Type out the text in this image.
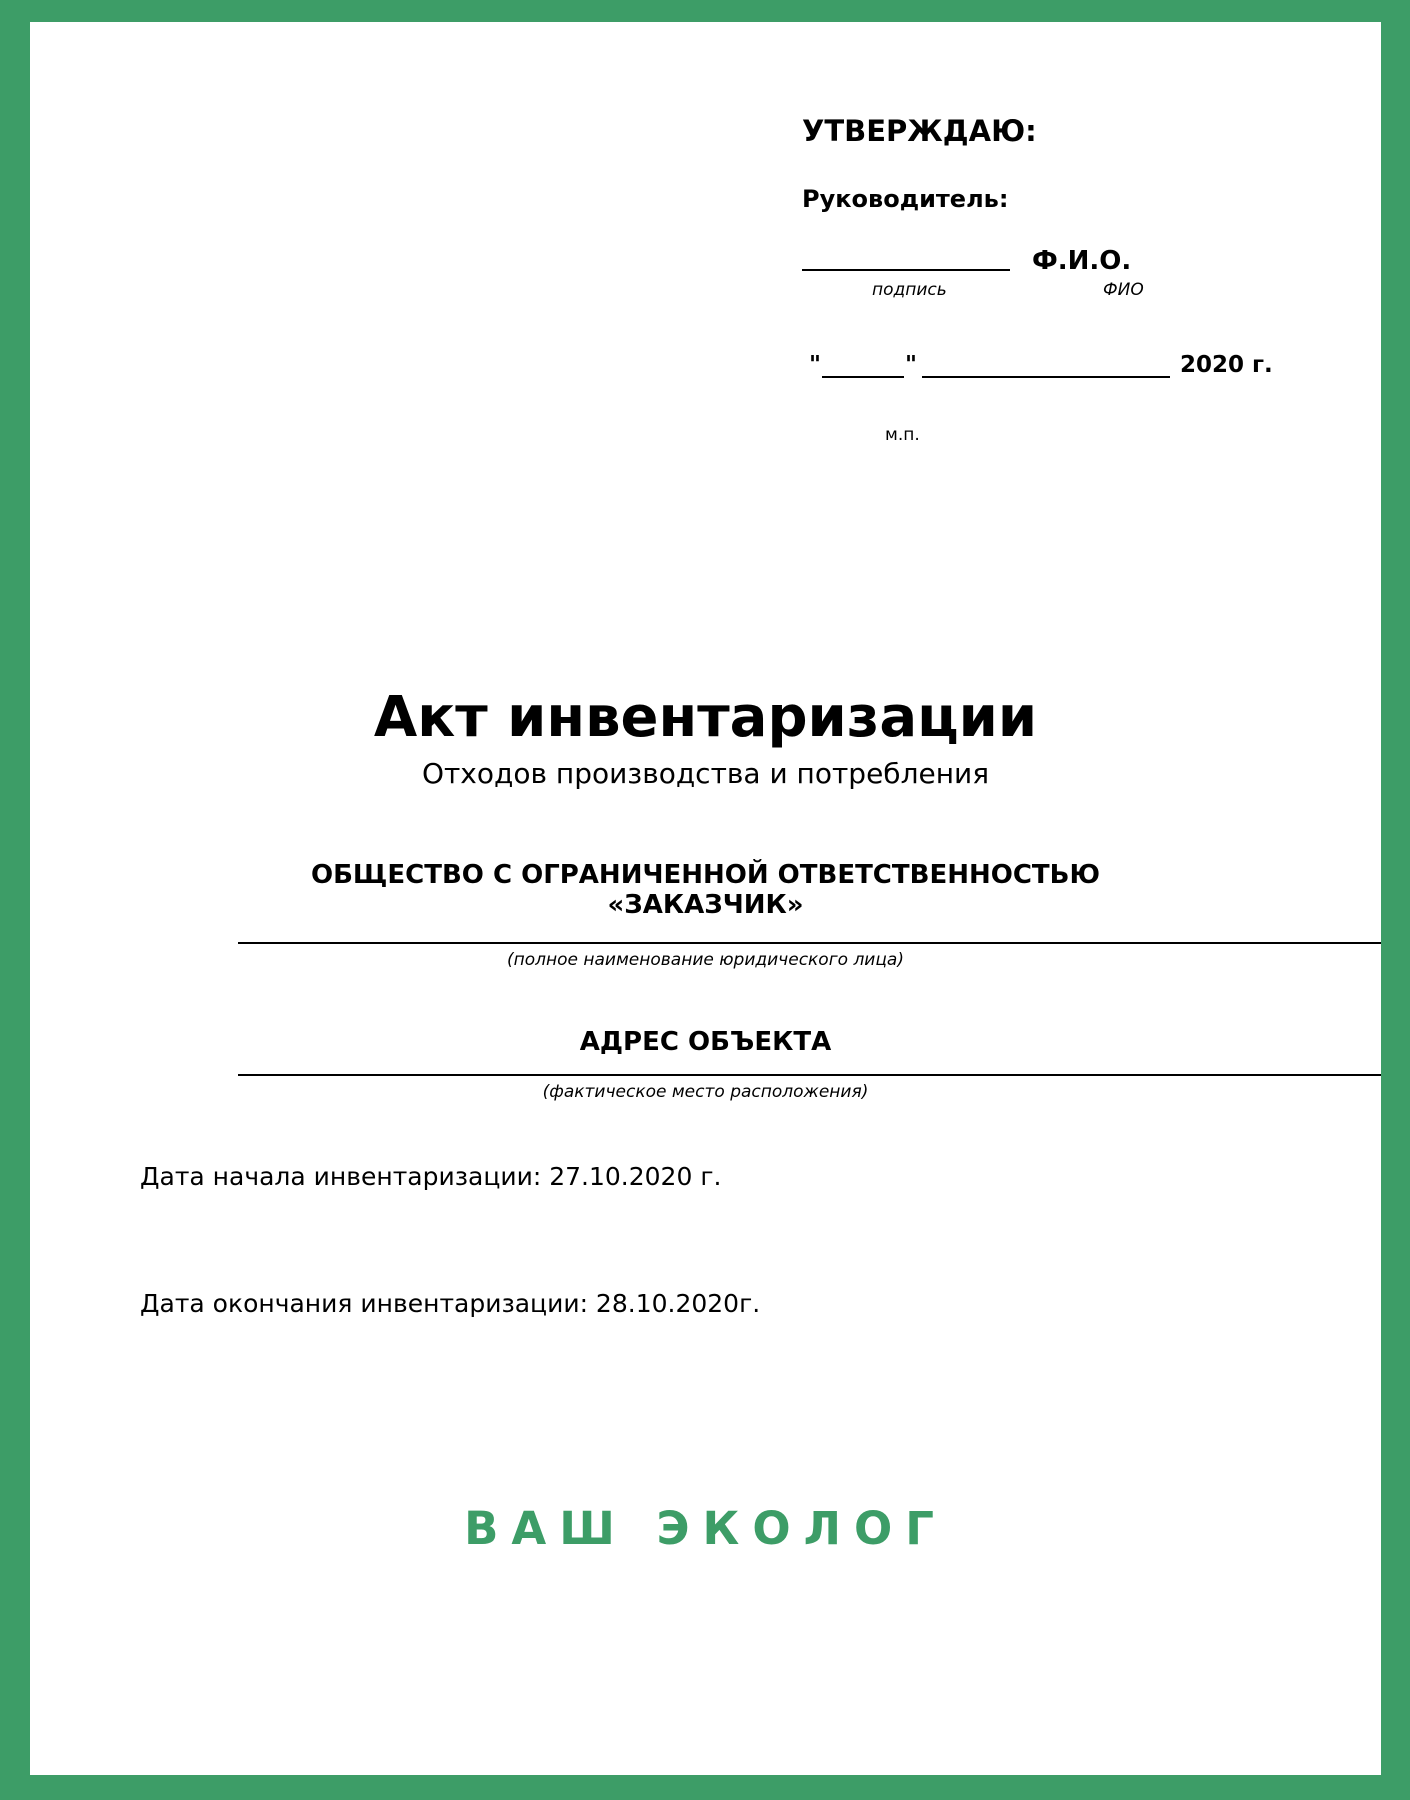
УТВЕРЖДАЮ:
Руководитель:
Ф.И.О.
подпись	ФИО
"	"	2020 г.
м.п.
Акт инвентаризации
Отходов производства и потребления
ОБЩЕСТВО С ОГРАНИЧЕННОЙ ОТВЕТСТВЕННОСТЬЮ
«ЗАКАЗЧИК»
(полное наименование юридического лица)
АДРЕС ОБЪЕКТА
(фактическое место расположения)
Дата начала инвентаризации: 27.10.2020 г.
Дата окончания инвентаризации: 28.10.2020г.
ВАШ ЭКОЛОГ
